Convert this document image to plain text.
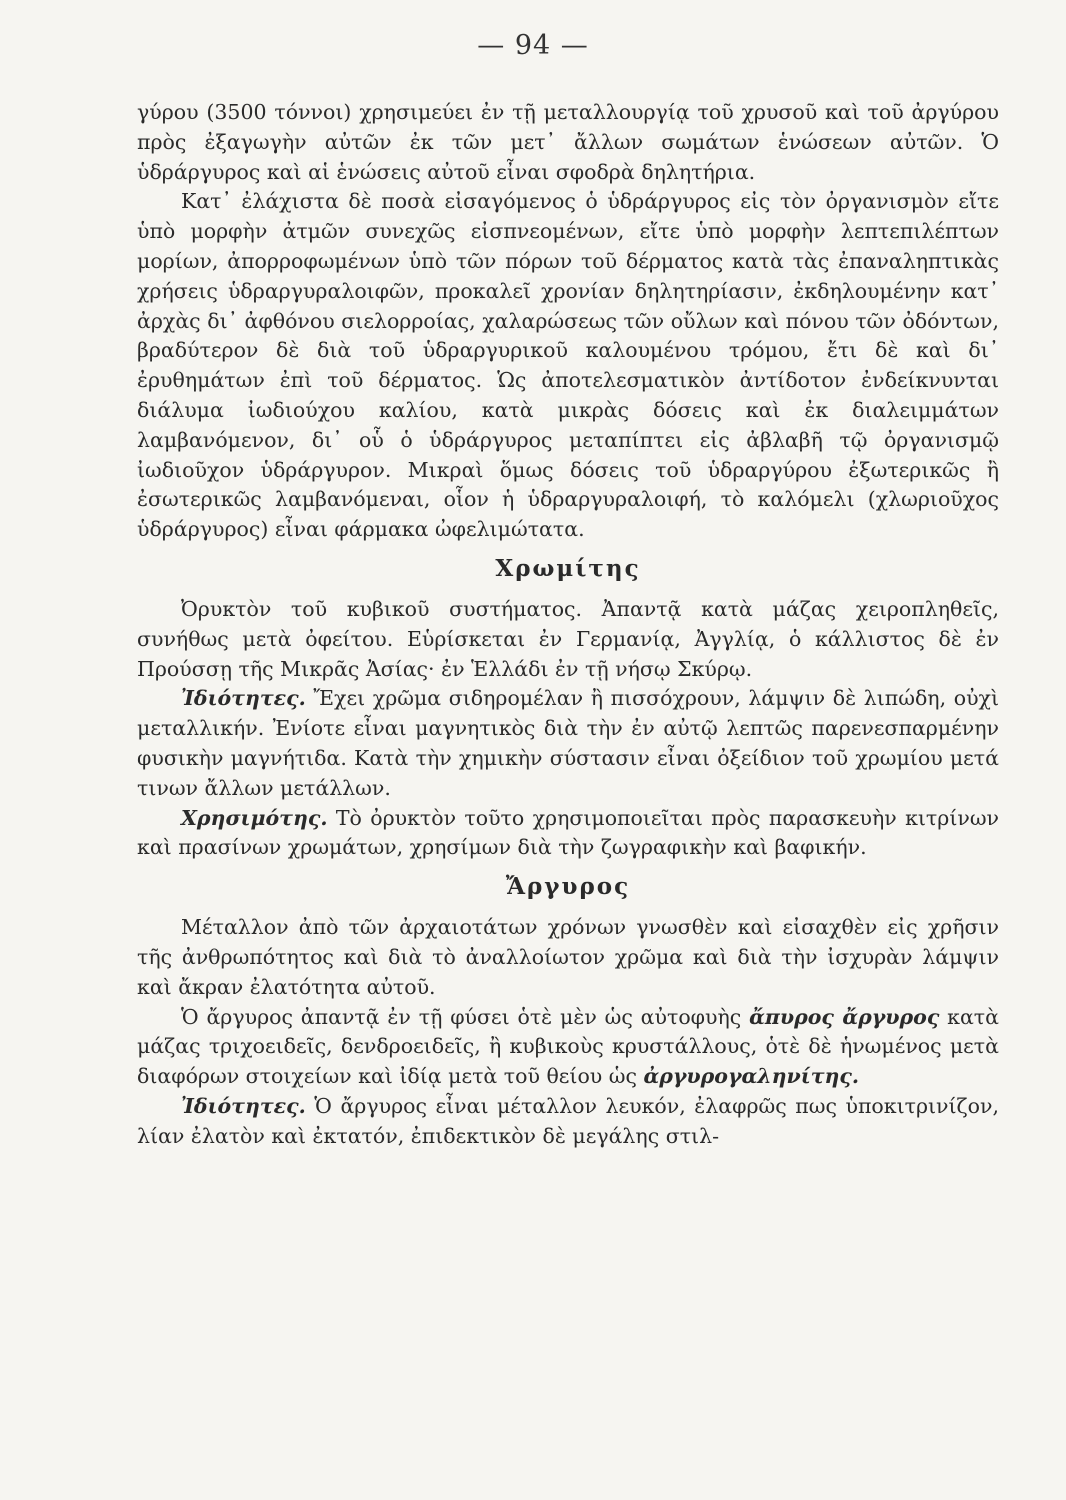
— 94 —

γύρου (3500 τόννοι) χρησιμεύει ἐν τῇ μεταλλουργίᾳ τοῦ χρυσοῦ καὶ τοῦ ἀργύρου πρὸς ἐξαγωγὴν αὐτῶν ἐκ τῶν μετ᾽ ἄλλων σωμάτων ἑνώσεων αὐτῶν. Ὁ ὑδράργυρος καὶ αἱ ἑνώσεις αὐτοῦ εἶναι σφοδρὰ δηλητήρια.

Κατ᾽ ἐλάχιστα δὲ ποσὰ εἰσαγόμενος ὁ ὑδράργυρος εἰς τὸν ὀργανισμὸν εἴτε ὑπὸ μορφὴν ἀτμῶν συνεχῶς εἰσπνεομένων, εἴτε ὑπὸ μορφὴν λεπτεπιλέπτων μορίων, ἀπορροφωμένων ὑπὸ τῶν πόρων τοῦ δέρματος κατὰ τὰς ἐπαναληπτικὰς χρήσεις ὑδραργυραλοιφῶν, προκαλεῖ χρονίαν δηλητηρίασιν, ἐκδηλουμένην κατ᾽ ἀρχὰς δι᾽ ἀφθόνου σιελορροίας, χαλαρώσεως τῶν οὔλων καὶ πόνου τῶν ὀδόντων, βραδύτερον δὲ διὰ τοῦ ὑδραργυρικοῦ καλουμένου τρόμου, ἔτι δὲ καὶ δι᾽ ἐρυθημάτων ἐπὶ τοῦ δέρματος. Ὡς ἀποτελεσματικὸν ἀντίδοτον ἐνδείκνυνται διάλυμα ἰωδιούχου καλίου, κατὰ μικρὰς δόσεις καὶ ἐκ διαλειμμάτων λαμβανόμενον, δι᾽ οὗ ὁ ὑδράργυρος μεταπίπτει εἰς ἀβλαβῆ τῷ ὀργανισμῷ ἰωδιοῦχον ὑδράργυρον. Μικραὶ ὅμως δόσεις τοῦ ὑδραργύρου ἐξωτερικῶς ἢ ἐσωτερικῶς λαμβανόμεναι, οἷον ἡ ὑδραργυραλοιφή, τὸ καλόμελι (χλωριοῦχος ὑδράργυρος) εἶναι φάρμακα ὠφελιμώτατα.

Χρωμίτης

Ὀρυκτὸν τοῦ κυβικοῦ συστήματος. Ἀπαντᾷ κατὰ μάζας χειροπληθεῖς, συνήθως μετὰ ὀφείτου. Εὑρίσκεται ἐν Γερμανίᾳ, Ἀγγλίᾳ, ὁ κάλλιστος δὲ ἐν Προύσσῃ τῆς Μικρᾶς Ἀσίας· ἐν Ἑλλάδι ἐν τῇ νήσῳ Σκύρῳ.

Ἰδιότητες. Ἔχει χρῶμα σιδηρομέλαν ἢ πισσόχρουν, λάμψιν δὲ λιπώδη, οὐχὶ μεταλλικήν. Ἐνίοτε εἶναι μαγνητικὸς διὰ τὴν ἐν αὐτῷ λεπτῶς παρενεσπαρμένην φυσικὴν μαγνήτιδα. Κατὰ τὴν χημικὴν σύστασιν εἶναι ὀξείδιον τοῦ χρωμίου μετά τινων ἄλλων μετάλλων.

Χρησιμότης. Τὸ ὀρυκτὸν τοῦτο χρησιμοποιεῖται πρὸς παρασκευὴν κιτρίνων καὶ πρασίνων χρωμάτων, χρησίμων διὰ τὴν ζωγραφικὴν καὶ βαφικήν.

Ἄργυρος

Μέταλλον ἀπὸ τῶν ἀρχαιοτάτων χρόνων γνωσθὲν καὶ εἰσαχθὲν εἰς χρῆσιν τῆς ἀνθρωπότητος καὶ διὰ τὸ ἀναλλοίωτον χρῶμα καὶ διὰ τὴν ἰσχυρὰν λάμψιν καὶ ἄκραν ἐλατότητα αὐτοῦ.

Ὁ ἄργυρος ἀπαντᾷ ἐν τῇ φύσει ὁτὲ μὲν ὡς αὐτοφυὴς ἄπυρος ἄργυρος κατὰ μάζας τριχοειδεῖς, δενδροειδεῖς, ἢ κυβικοὺς κρυστάλλους, ὁτὲ δὲ ἡνωμένος μετὰ διαφόρων στοιχείων καὶ ἰδίᾳ μετὰ τοῦ θείου ὡς ἀργυρογαληνίτης.

Ἰδιότητες. Ὁ ἄργυρος εἶναι μέταλλον λευκόν, ἐλαφρῶς πως ὑποκιτρινίζον, λίαν ἐλατὸν καὶ ἐκτατόν, ἐπιδεκτικὸν δὲ μεγάλης στιλ-
